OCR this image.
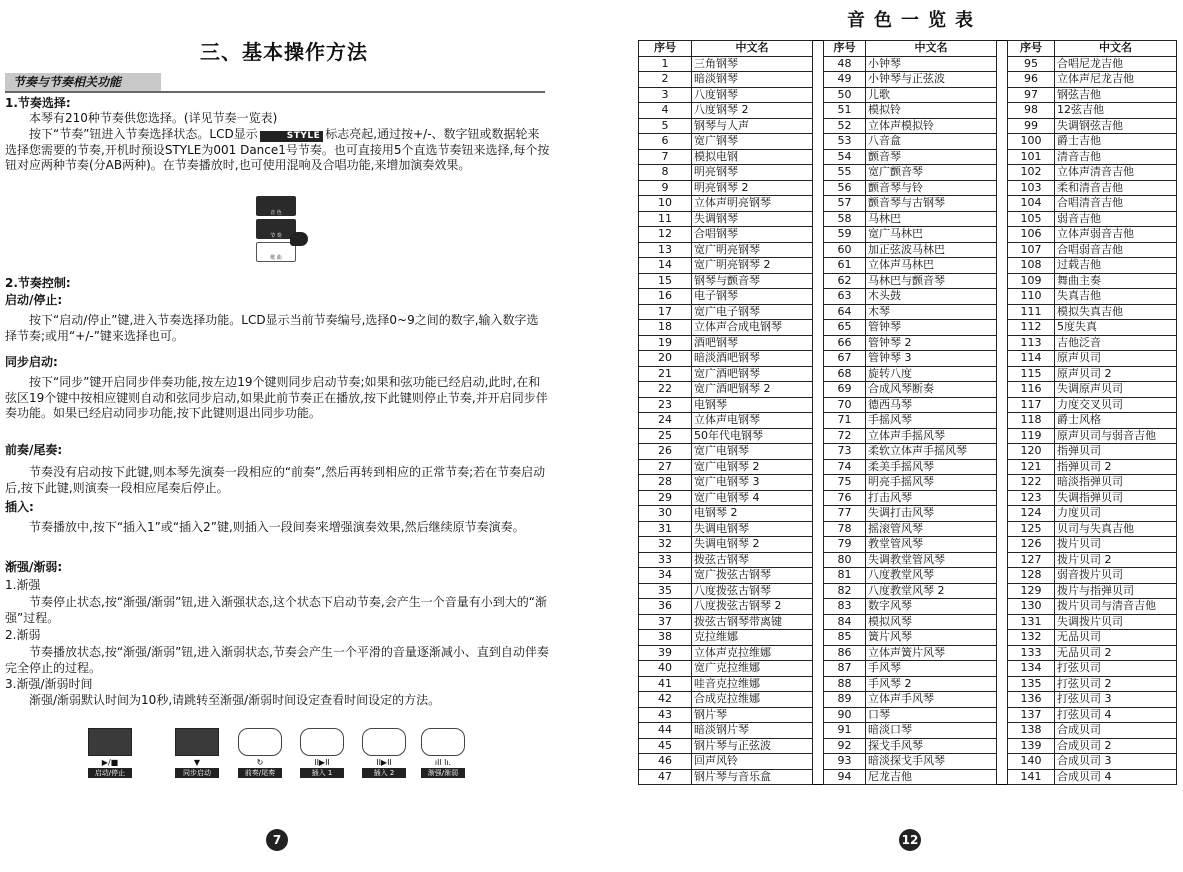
三、基本操作方法
节奏与节奏相关功能
1.节奏选择:
本琴有210种节奏供您选择。(详见节奏一览表)
按下“节奏”钮进入节奏选择状态。LCD显示	STYLE 标志亮起,通过按+/-、数字钮或数据轮来选择您需要的节奏,开机时预设STYLE为001 Dance1号节奏。也可直接用5个直选节奏钮来选择,每个按钮对应两种节奏(分AB两种)。在节奏播放时,也可使用混响及合唱功能,来增加演奏效果。
音 色
节 奏
歌 曲
2.节奏控制:
启动/停止:
按下“启动/停止”键,进入节奏选择功能。LCD显示当前节奏编号,选择0~9之间的数字,输入数字选择节奏;或用“+/-”键来选择也可。
同步启动:
按下“同步”键开启同步伴奏功能,按左边19个键则同步启动节奏;如果和弦功能已经启动,此时,在和弦区19个键中按相应键则自动和弦同步启动,如果此前节奏正在播放,按下此键则停止节奏,并开启同步伴奏功能。如果已经启动同步功能,按下此键则退出同步功能。
前奏/尾奏:
节奏没有启动按下此键,则本琴先演奏一段相应的“前奏”,然后再转到相应的正常节奏;若在节奏启动后,按下此键,则演奏一段相应尾奏后停止。
插入:
节奏播放中,按下“插入1”或“插入2”键,则插入一段间奏来增强演奏效果,然后继续原节奏演奏。
渐强/渐弱:
1.渐强
节奏停止状态,按“渐强/渐弱”钮,进入渐强状态,这个状态下启动节奏,会产生一个音量有小到大的“渐强”过程。
2.渐弱
节奏播放状态,按“渐强/渐弱”钮,进入渐弱状态,节奏会产生一个平滑的音量逐渐减小、直到自动伴奏完全停止的过程。
3.渐强/渐弱时间
渐强/渐弱默认时间为10秒,请跳转至渐强/渐弱时间设定查看时间设定的方法。
▶/■
启动/停止
▼
同步启动
↻
前奏/尾奏
II▶II
插入 1
II▶II
插入 2
ıll lı.
渐强/渐弱
7
音色一览表
序号	中文名		序号	中文名		序号	中文名
1	三角钢琴		48	小钟琴		95	合唱尼龙吉他
2	暗淡钢琴		49	小钟琴与正弦波		96	立体声尼龙吉他
3	八度钢琴		50	儿歌		97	钢弦吉他
4	八度钢琴 2		51	模拟铃		98	12弦吉他
5	钢琴与人声		52	立体声模拟铃		99	失调钢弦吉他
6	宽广钢琴		53	八音盒		100	爵士吉他
7	模拟电钢		54	颤音琴		101	清音吉他
8	明亮钢琴		55	宽广颤音琴		102	立体声清音吉他
9	明亮钢琴 2		56	颤音琴与铃		103	柔和清音吉他
10	立体声明亮钢琴		57	颤音琴与古钢琴		104	合唱清音吉他
11	失调钢琴		58	马林巴		105	弱音吉他
12	合唱钢琴		59	宽广马林巴		106	立体声弱音吉他
13	宽广明亮钢琴		60	加正弦波马林巴		107	合唱弱音吉他
14	宽广明亮钢琴 2		61	立体声马林巴		108	过载吉他
15	钢琴与颤音琴		62	马林巴与颤音琴		109	舞曲主奏
16	电子钢琴		63	木头鼓		110	失真吉他
17	宽广电子钢琴		64	木琴		111	模拟失真吉他
18	立体声合成电钢琴		65	管钟琴		112	5度失真
19	酒吧钢琴		66	管钟琴 2		113	吉他泛音
20	暗淡酒吧钢琴		67	管钟琴 3		114	原声贝司
21	宽广酒吧钢琴		68	旋转八度		115	原声贝司 2
22	宽广酒吧钢琴 2		69	合成风琴断奏		116	失调原声贝司
23	电钢琴		70	德西马琴		117	力度交叉贝司
24	立体声电钢琴		71	手摇风琴		118	爵士风格
25	50年代电钢琴		72	立体声手摇风琴		119	原声贝司与弱音吉他
26	宽广电钢琴		73	柔软立体声手摇风琴		120	指弹贝司
27	宽广电钢琴 2		74	柔美手摇风琴		121	指弹贝司 2
28	宽广电钢琴 3		75	明亮手摇风琴		122	暗淡指弹贝司
29	宽广电钢琴 4		76	打击风琴		123	失调指弹贝司
30	电钢琴 2		77	失调打击风琴		124	力度贝司
31	失调电钢琴		78	摇滚管风琴		125	贝司与失真吉他
32	失调电钢琴 2		79	教堂管风琴		126	拨片贝司
33	拨弦古钢琴		80	失调教堂管风琴		127	拨片贝司 2
34	宽广拨弦古钢琴		81	八度教堂风琴		128	弱音拨片贝司
35	八度拨弦古钢琴		82	八度教堂风琴 2		129	拨片与指弹贝司
36	八度拨弦古钢琴 2		83	数字风琴		130	拨片贝司与清音吉他
37	拨弦古钢琴带离键		84	模拟风琴		131	失调拨片贝司
38	克拉维娜		85	簧片风琴		132	无品贝司
39	立体声克拉维娜		86	立体声簧片风琴		133	无品贝司 2
40	宽广克拉维娜		87	手风琴		134	打弦贝司
41	哇音克拉维娜		88	手风琴 2		135	打弦贝司 2
42	合成克拉维娜		89	立体声手风琴		136	打弦贝司 3
43	钢片琴		90	口琴		137	打弦贝司 4
44	暗淡钢片琴		91	暗淡口琴		138	合成贝司
45	钢片琴与正弦波		92	探戈手风琴		139	合成贝司 2
46	回声风铃		93	暗淡探戈手风琴		140	合成贝司 3
47	钢片琴与音乐盒		94	尼龙吉他		141	合成贝司 4
12
